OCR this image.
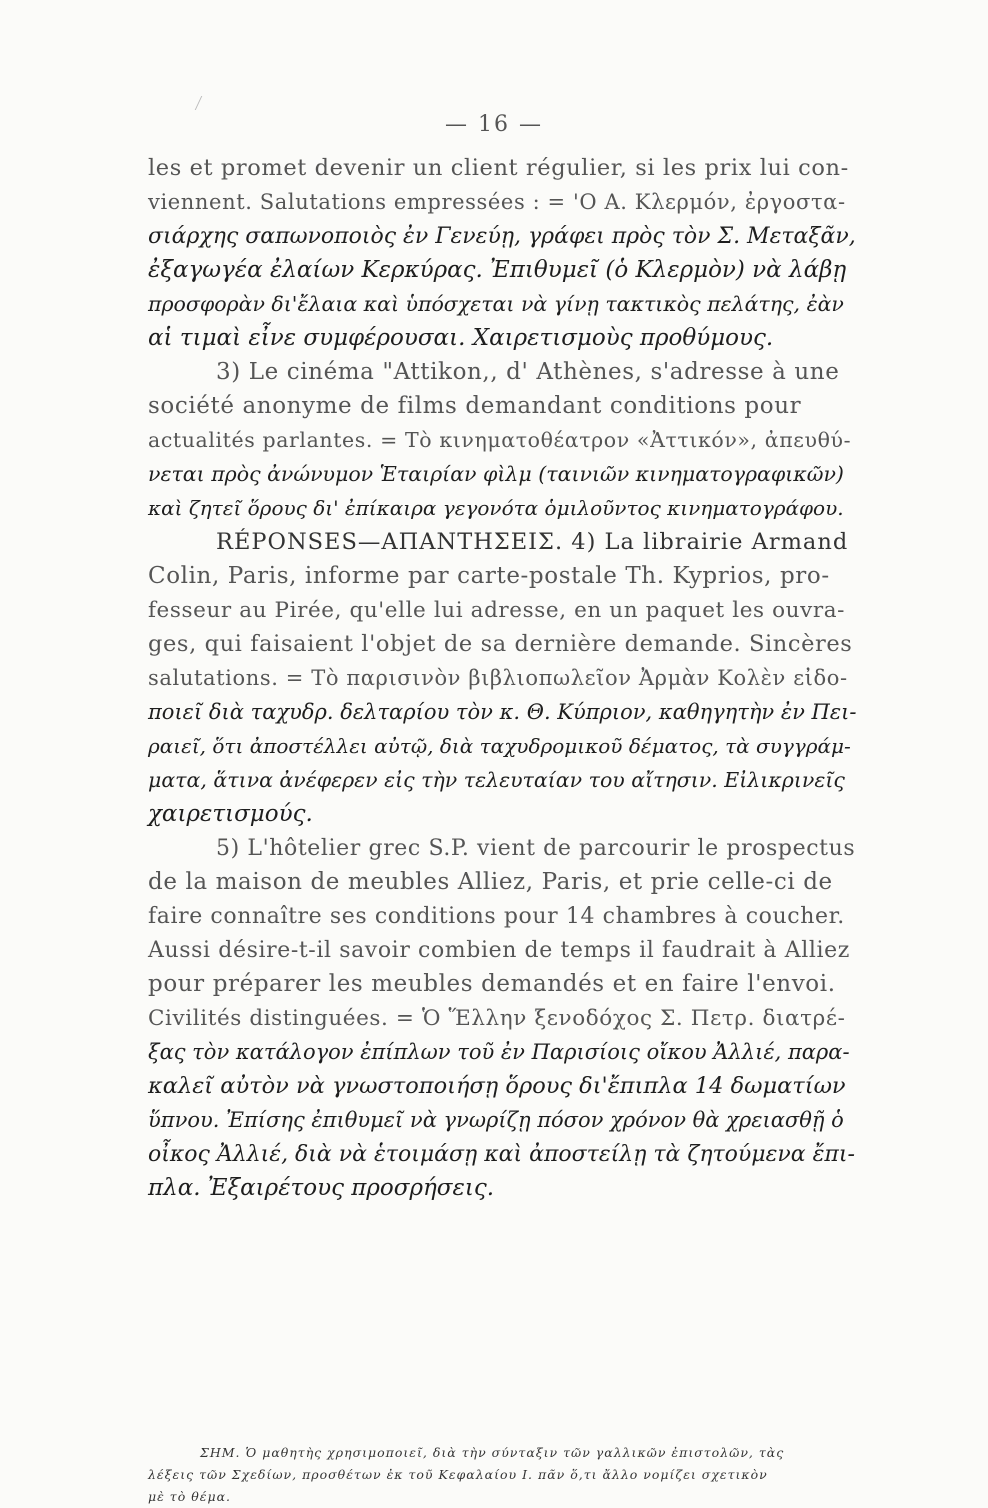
— 16 —
les et promet devenir un client régulier, si les prix lui con-
viennent. Salutations empressées : = 'Ο Α. Κλερμόν, ἐργοστα-
σιάρχης σαπωνοποιὸς ἐν Γενεύῃ, γράφει πρὸς τὸν Σ. Μεταξᾶν,
ἐξαγωγέα ἐλαίων Κερκύρας. Ἐπιθυμεῖ (ὁ Κλερμὸν) νὰ λάβῃ
προσφορὰν δι'ἔλαια καὶ ὑπόσχεται νὰ γίνῃ τακτικὸς πελάτης, ἐὰν
αἱ τιμαὶ εἶνε συμφέρουσαι. Χαιρετισμοὺς προθύμους.
3) Le cinéma "Attikon,, d' Athènes, s'adresse à une
société anonyme de films demandant conditions pour
actualités parlantes. = Τὸ κινηματοθέατρον «Ἀττικόν», ἀπευθύ-
νεται πρὸς ἀνώνυμον Ἑταιρίαν φὶλμ (ταινιῶν κινηματογραφικῶν)
καὶ ζητεῖ ὅρους δι' ἐπίκαιρα γεγονότα ὁμιλοῦντος κινηματογράφου.
RÉPONSES—ΑΠΑΝΤΗΣΕΙΣ. 4) La librairie Armand
Colin, Paris, informe par carte-postale Th. Kyprios, pro-
fesseur au Pirée, qu'elle lui adresse, en un paquet les ouvra-
ges, qui faisaient l'objet de sa dernière demande. Sincères
salutations. = Τὸ παρισινὸν βιβλιοπωλεῖον Ἀρμὰν Κολὲν εἰδο-
ποιεῖ διὰ ταχυδρ. δελταρίου τὸν κ. Θ. Κύπριον, καθηγητὴν ἐν Πει-
ραιεῖ, ὅτι ἀποστέλλει αὐτῷ, διὰ ταχυδρομικοῦ δέματος, τὰ συγγράμ-
ματα, ἅτινα ἀνέφερεν εἰς τὴν τελευταίαν του αἴτησιν. Εἰλικρινεῖς
χαιρετισμούς.
5) L'hôtelier grec S.P. vient de parcourir le prospectus
de la maison de meubles Alliez, Paris, et prie celle-ci de
faire connaître ses conditions pour 14 chambres à coucher.
Aussi désire-t-il savoir combien de temps il faudrait à Alliez
pour préparer les meubles demandés et en faire l'envoi.
Civilités distinguées. = Ὁ Ἕλλην ξενοδόχος Σ. Πετρ. διατρέ-
ξας τὸν κατάλογον ἐπίπλων τοῦ ἐν Παρισίοις οἴκου Ἀλλιέ, παρα-
καλεῖ αὐτὸν νὰ γνωστοποιήσῃ ὅρους δι'ἔπιπλα 14 δωματίων
ὕπνου. Ἐπίσης ἐπιθυμεῖ νὰ γνωρίζῃ πόσον χρόνον θὰ χρειασθῇ ὁ
οἶκος Ἀλλιέ, διὰ νὰ ἑτοιμάσῃ καὶ ἀποστείλῃ τὰ ζητούμενα ἔπι-
πλα. Ἐξαιρέτους προσρήσεις.
ΣΗΜ. Ὁ μαθητὴς χρησιμοποιεῖ, διὰ τὴν σύνταξιν τῶν γαλλικῶν ἐπιστολῶν, τὰς
λέξεις τῶν Σχεδίων, προσθέτων ἐκ τοῦ Κεφαλαίου I. πᾶν ὅ,τι ἄλλο νομίζει σχετικὸν
μὲ τὸ θέμα.
